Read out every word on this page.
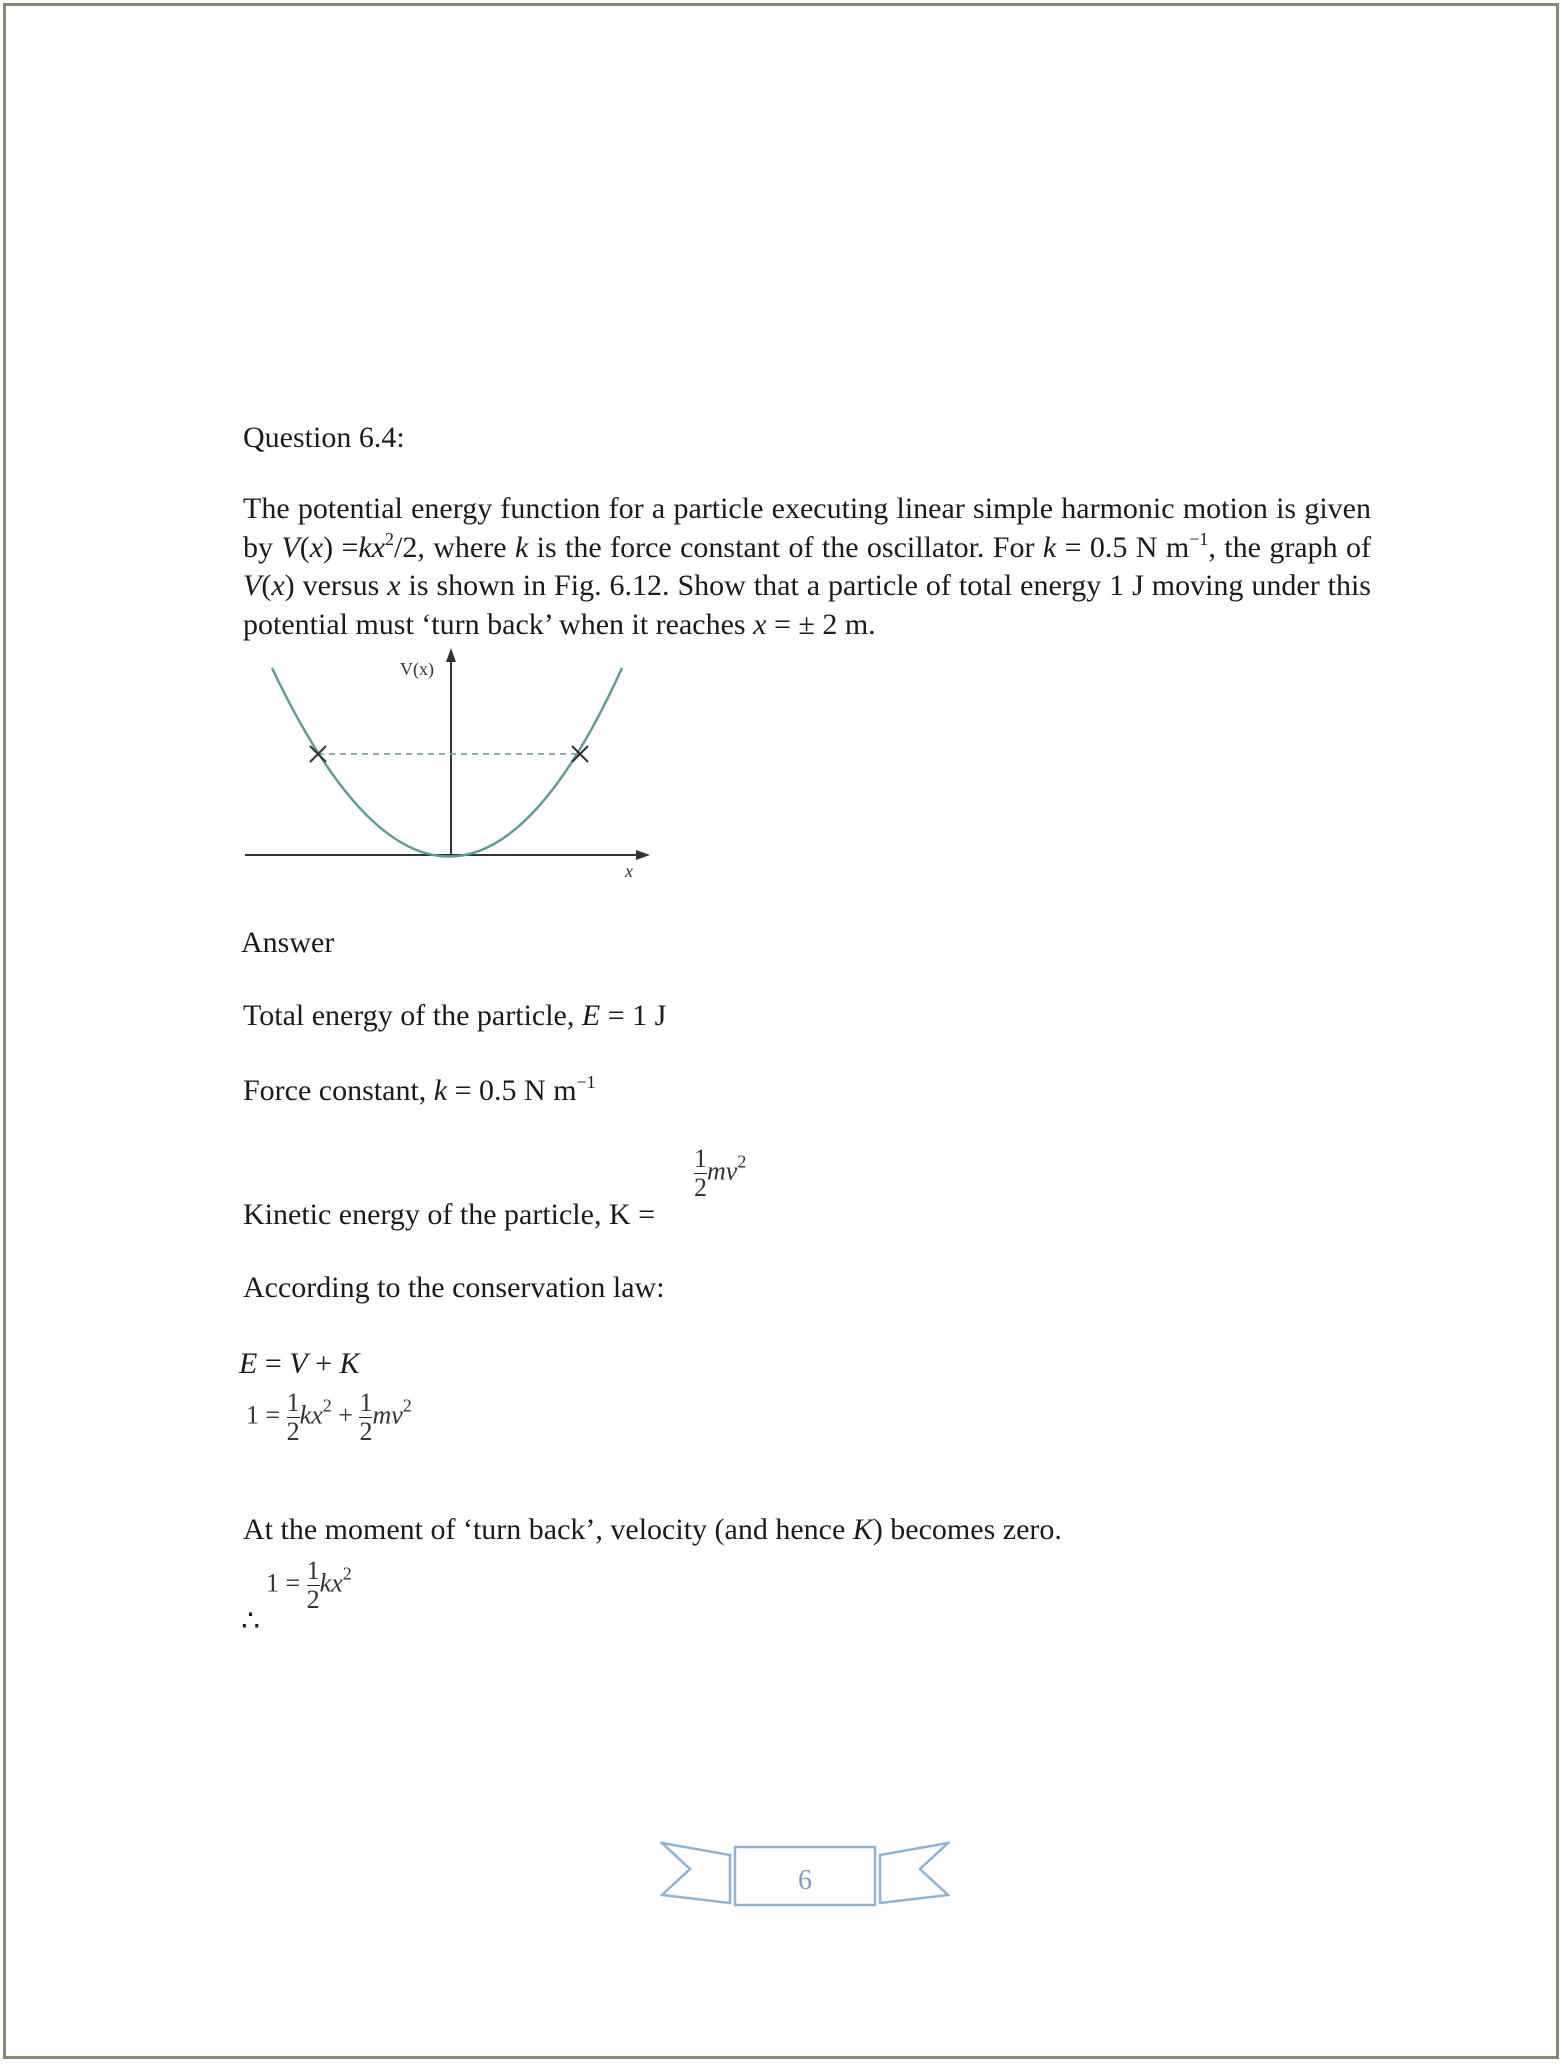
Question 6.4:
The potential energy function for a particle executing linear simple harmonic motion is given by $V(x) =kx^2/2$, where k is the force constant of the oscillator. For k = 0.5 N $m^{-1}$, the graph of V(x) versus x is shown in Fig. 6.12. Show that a particle of total energy 1 J moving under this potential must ‘turn back’ when it reaches x = ± 2 m.
V(x)
x
Answer
Total energy of the particle, E = 1 J
Force constant, k = 0.5 N $m^{-1}$
Kinetic energy of the particle, K =
$\frac{1}{2} mv^2$
According to the conservation law:
E = V + K
$1 = \frac{1}{2} kx^2 + \frac{1}{2} mv^2$
At the moment of ‘turn back’, velocity (and hence K) becomes zero.
∴
$1 = \frac{1}{2} kx^2$
6
